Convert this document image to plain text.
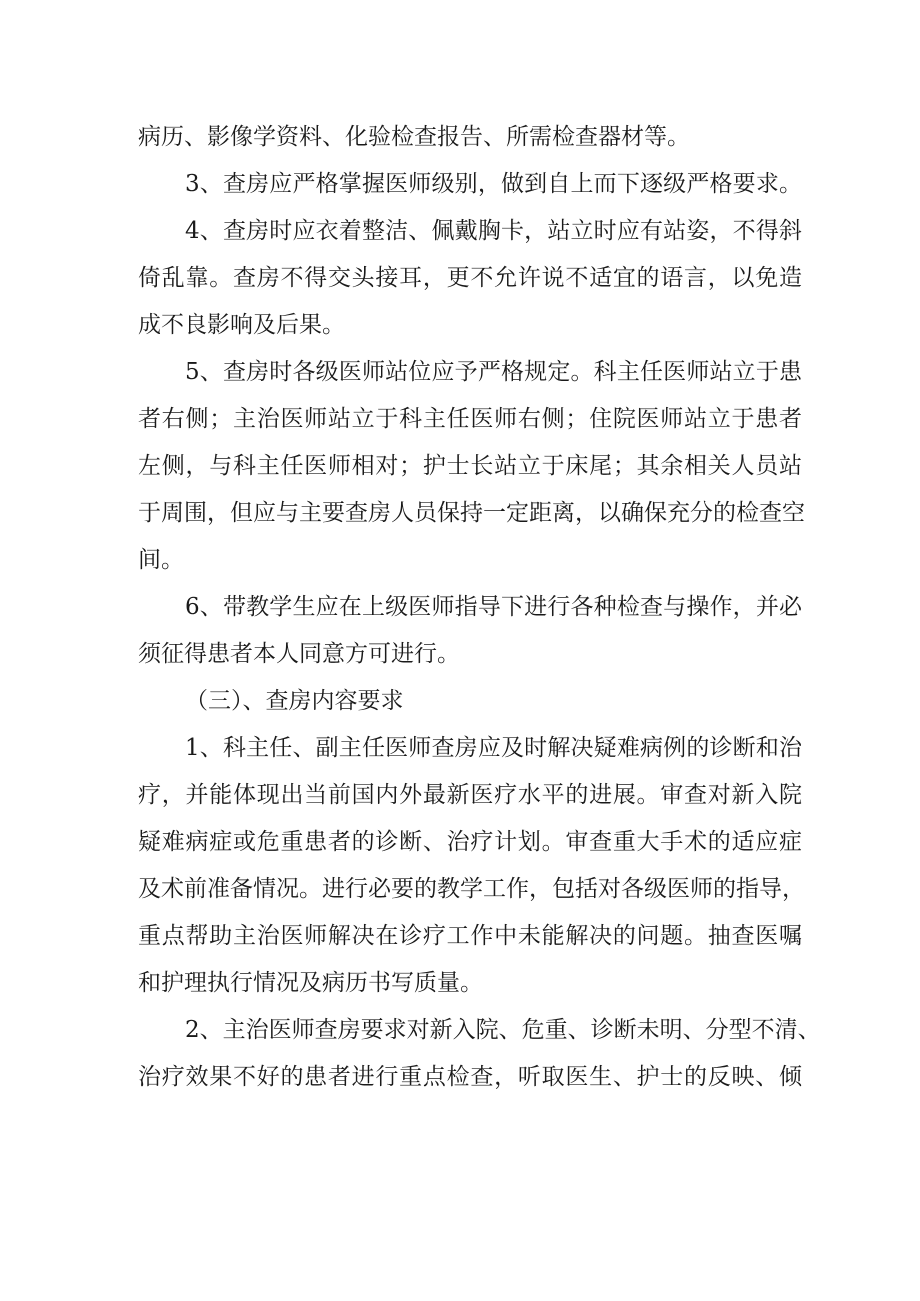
病历、影像学资料、化验检查报告、所需检查器材等。
3、查房应严格掌握医师级别，做到自上而下逐级严格要求。
4、查房时应衣着整洁、佩戴胸卡，站立时应有站姿，不得斜
倚乱靠。查房不得交头接耳，更不允许说不适宜的语言，以免造
成不良影响及后果。
5、查房时各级医师站位应予严格规定。科主任医师站立于患
者右侧；主治医师站立于科主任医师右侧；住院医师站立于患者
左侧，与科主任医师相对；护士长站立于床尾；其余相关人员站
于周围，但应与主要查房人员保持一定距离，以确保充分的检查空
间。
6、带教学生应在上级医师指导下进行各种检查与操作，并必
须征得患者本人同意方可进行。
（三）、查房内容要求
1、科主任、副主任医师查房应及时解决疑难病例的诊断和治
疗，并能体现出当前国内外最新医疗水平的进展。审查对新入院
疑难病症或危重患者的诊断、治疗计划。审查重大手术的适应症
及术前准备情况。进行必要的教学工作，包括对各级医师的指导，
重点帮助主治医师解决在诊疗工作中未能解决的问题。抽查医嘱
和护理执行情况及病历书写质量。
2、主治医师查房要求对新入院、危重、诊断未明、分型不清、
治疗效果不好的患者进行重点检查，听取医生、护士的反映、倾
